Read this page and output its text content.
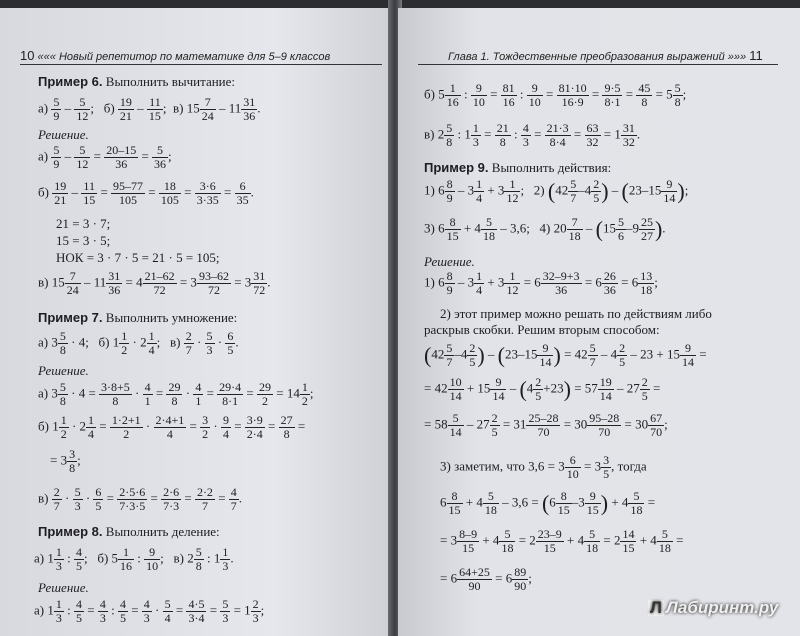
10 ««« Новый репетитор по математике для 5–9 классов
Пример 6. Выполнить вычитание:
$а) \frac{5}{9} - \frac{5}{12}$ ;   $б) \frac{19}{21} - \frac{11}{15}$ ;  в) $15 \frac{7}{24} - 11 \frac{31}{36}$ .
Решение.
$а) \frac{5}{9} - \frac{5}{12} = \frac{20-15}{36} = \frac{5}{36}$ ;
$б) \frac{19}{21} - \frac{11}{15} = \frac{95-77}{105} = \frac{18}{105} = \frac{3\cdot 6}{3\cdot 35} = \frac{6}{35}$ .
21 = 3 · 7;
15 = 3 · 5;
НОК = 3 · 7 · 5 = 21 · 5 = 105;
в) $15 \frac{7}{24} - 11 \frac{31}{36} = 4 \frac{21-62}{72} = 3 \frac{93-62}{72} = 3 \frac{31}{72}$ .
Пример 7. Выполнить умножение:
а) $3 \frac{5}{8} \cdot 4$;   б) $1 \frac{1}{2} \cdot 2 \frac{1}{4}$ ;   $в) \frac{2}{7} \cdot \frac{5}{3} \cdot \frac{6}{5}$ .
Решение.
а) $3 \frac{5}{8} \cdot 4 = \frac{3\cdot 8+5}{8} \cdot \frac{4}{1} = \frac{29}{8} \cdot \frac{4}{1} = \frac{29\cdot 4}{8\cdot 1} = \frac{29}{2} = 14 \frac{1}{2}$ ;
б) $1 \frac{1}{2} \cdot 2 \frac{1}{4} = \frac{1\cdot 2+1}{2} \cdot \frac{2\cdot 4+1}{4} = \frac{3}{2} \cdot \frac{9}{4} = \frac{3\cdot 9}{2\cdot 4} = \frac{27}{8}$ =
= $3 \frac{3}{8}$ ;
$в) \frac{2}{7} \cdot \frac{5}{3} \cdot \frac{6}{5} = \frac{2\cdot 5\cdot 6}{7\cdot 3\cdot 5} = \frac{2\cdot 6}{7\cdot 3} = \frac{2\cdot 2}{7} = \frac{4}{7}$ .
Пример 8. Выполнить деление:
а) $1 \frac{1}{3}$ : $\frac{4}{5}$ ;   б) $5 \frac{1}{16}$ : $\frac{9}{10}$ ;   в) $2 \frac{5}{8}$ : $1 \frac{1}{3}$ .
Решение.
а) $1 \frac{1}{3}$ : $\frac{4}{5} = \frac{4}{3}$ : $\frac{4}{5} = \frac{4}{3} \cdot \frac{5}{4} = \frac{4\cdot 5}{3\cdot 4} = \frac{5}{3} = 1 \frac{2}{3}$ ;
Глава 1. Тождественные преобразования выражений »»» 11
б) $5 \frac{1}{16}$ : $\frac{9}{10} = \frac{81}{16}$ : $\frac{9}{10} = \frac{81\cdot 10}{16\cdot 9} = \frac{9\cdot 5}{8\cdot 1} = \frac{45}{8} = 5 \frac{5}{8}$ ;
в) $2 \frac{5}{8}$ : $1 \frac{1}{3} = \frac{21}{8}$ : $\frac{4}{3} = \frac{21\cdot 3}{8\cdot 4} = \frac{63}{32} = 1 \frac{31}{32}$ .
Пример 9. Выполнить действия:
1) $6 \frac{8}{9} - 3 \frac{1}{4} + 3 \frac{1}{12}$ ;   2) ($42 \frac{5}{7} -4 \frac{2}{5}$ ) – ($23-15 \frac{9}{14}$ );
3) $6 \frac{8}{15} + 4 \frac{5}{18} - 3,6$;   4) $20 \frac{7}{18} - (15 \frac{5}{6} -9 \frac{25}{27}$ ).
Решение.
1) $6 \frac{8}{9} - 3 \frac{1}{4} + 3 \frac{1}{12} = 6 \frac{32-9+3}{36} = 6 \frac{26}{36} = 6 \frac{13}{18}$ ;
2) этот пример можно решать по действиям либо
раскрыв скобки. Решим вторым способом:
($42 \frac{5}{7} -4 \frac{2}{5}$ ) – ($23-15 \frac{9}{14}$ ) = $42 \frac{5}{7} - 4 \frac{2}{5} - 23 + 15 \frac{9}{14}$ =
= $42 \frac{10}{14} + 15 \frac{9}{14} - (4 \frac{2}{5} +23) = 57 \frac{19}{14} - 27 \frac{2}{5}$ =
= $58 \frac{5}{14} - 27 \frac{2}{5} = 31 \frac{25-28}{70} = 30 \frac{95-28}{70} = 30 \frac{67}{70}$ ;
3) заметим, что $3,6 = 3 \frac{6}{10} = 3 \frac{3}{5}$ , тогда
$6 \frac{8}{15} + 4 \frac{5}{18} - 3,6 = (6 \frac{8}{15} -3 \frac{9}{15}$ ) + $4 \frac{5}{18}$ =
= $3 \frac{8-9}{15} + 4 \frac{5}{18} = 2 \frac{23-9}{15} + 4 \frac{5}{18} = 2 \frac{14}{15} + 4 \frac{5}{18}$ =
= $6 \frac{64+25}{90} = 6 \frac{89}{90}$ ;
Л Лабиринт.ру
